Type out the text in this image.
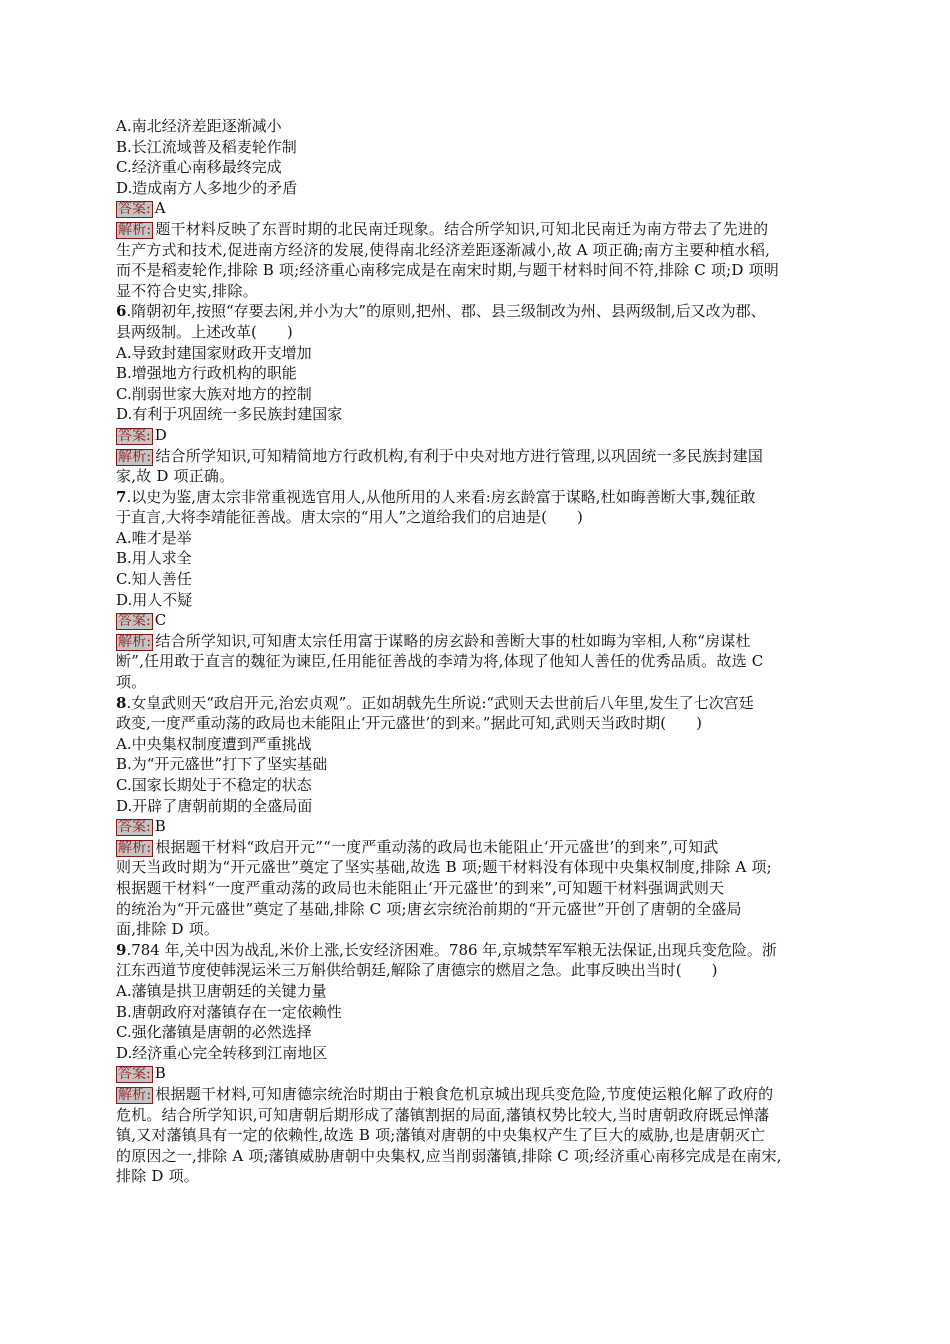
A.南北经济差距逐渐减小
B.长江流域普及稻麦轮作制
C.经济重心南移最终完成
D.造成南方人多地少的矛盾
答案: A
解析: 题干材料反映了东晋时期的北民南迁现象。结合所学知识,可知北民南迁为南方带去了先进的
生产方式和技术,促进南方经济的发展,使得南北经济差距逐渐减小,故 A 项正确;南方主要种植水稻,
而不是稻麦轮作,排除 B 项;经济重心南移完成是在南宋时期,与题干材料时间不符,排除 C 项;D 项明
显不符合史实,排除。
6.隋朝初年,按照“存要去闲,并小为大”的原则,把州、郡、县三级制改为州、县两级制,后又改为郡、
县两级制。上述改革(　　)
A.导致封建国家财政开支增加
B.增强地方行政机构的职能
C.削弱世家大族对地方的控制
D.有利于巩固统一多民族封建国家
答案: D
解析: 结合所学知识,可知精简地方行政机构,有利于中央对地方进行管理,以巩固统一多民族封建国
家,故 D 项正确。
7.以史为鉴,唐太宗非常重视选官用人,从他所用的人来看:房玄龄富于谋略,杜如晦善断大事,魏征敢
于直言,大将李靖能征善战。唐太宗的“用人”之道给我们的启迪是(　　)
A.唯才是举
B.用人求全
C.知人善任
D.用人不疑
答案: C
解析: 结合所学知识,可知唐太宗任用富于谋略的房玄龄和善断大事的杜如晦为宰相,人称“房谋杜
断”,任用敢于直言的魏征为谏臣,任用能征善战的李靖为将,体现了他知人善任的优秀品质。故选 C
项。
8.女皇武则天“政启开元,治宏贞观”。正如胡戟先生所说:“武则天去世前后八年里,发生了七次宫廷
政变,一度严重动荡的政局也未能阻止‘开元盛世’的到来。”据此可知,武则天当政时期(　　)
A.中央集权制度遭到严重挑战
B.为“开元盛世”打下了坚实基础
C.国家长期处于不稳定的状态
D.开辟了唐朝前期的全盛局面
答案: B
解析: 根据题干材料“政启开元”“一度严重动荡的政局也未能阻止‘开元盛世’的到来”,可知武
则天当政时期为“开元盛世”奠定了坚实基础,故选 B 项;题干材料没有体现中央集权制度,排除 A 项;
根据题干材料“一度严重动荡的政局也未能阻止‘开元盛世’的到来”,可知题干材料强调武则天
的统治为“开元盛世”奠定了基础,排除 C 项;唐玄宗统治前期的“开元盛世”开创了唐朝的全盛局
面,排除 D 项。
9.784 年,关中因为战乱,米价上涨,长安经济困难。786 年,京城禁军军粮无法保证,出现兵变危险。浙
江东西道节度使韩滉运米三万斛供给朝廷,解除了唐德宗的燃眉之急。此事反映出当时(　　)
A.藩镇是拱卫唐朝廷的关键力量
B.唐朝政府对藩镇存在一定依赖性
C.强化藩镇是唐朝的必然选择
D.经济重心完全转移到江南地区
答案: B
解析: 根据题干材料,可知唐德宗统治时期由于粮食危机京城出现兵变危险,节度使运粮化解了政府的
危机。结合所学知识,可知唐朝后期形成了藩镇割据的局面,藩镇权势比较大,当时唐朝政府既忌惮藩
镇,又对藩镇具有一定的依赖性,故选 B 项;藩镇对唐朝的中央集权产生了巨大的威胁,也是唐朝灭亡
的原因之一,排除 A 项;藩镇威胁唐朝中央集权,应当削弱藩镇,排除 C 项;经济重心南移完成是在南宋,
排除 D 项。
